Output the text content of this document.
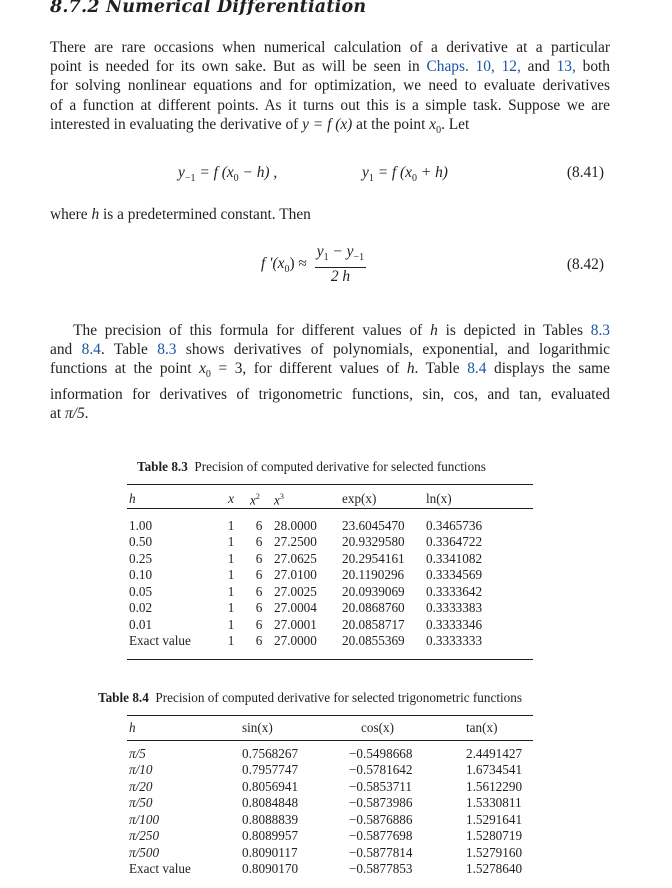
8.7.2 Numerical Differentiation
There are rare occasions when numerical calculation of a derivative at a particular
point is needed for its own sake. But as will be seen in Chaps. 10, 12, and 13, both
for solving nonlinear equations and for optimization, we need to evaluate derivatives
of a function at different points. As it turns out this is a simple task. Suppose we are
interested in evaluating the derivative of y = f (x) at the point $x_0$. Let
$y_{-1} = f$ $(x_0 - h)$ ,	$y_1 = f$ $(x_0 + h)$	(8.41)
where h is a predetermined constant. Then
f $'(x_0) \approx \frac{y_1 - y_{-1}}{2 h}$	(8.42)
  The precision of this formula for different values of h is depicted in Tables 8.3
and 8.4. Table 8.3 shows derivatives of polynomials, exponential, and logarithmic
functions at the point $x_0 = 3$, for different values of h. Table 8.4 displays the same
information for derivatives of trigonometric functions, sin, cos, and tan, evaluated
at π/5.
Table 8.3 Precision of computed derivative for selected functions
h	x	$x^2$	$x^3$	exp(x)	ln(x)
1.00	1	6	28.0000	23.6045470	0.3465736
0.50	1	6	27.2500	20.9329580	0.3364722
0.25	1	6	27.0625	20.2954161	0.3341082
0.10	1	6	27.0100	20.1190296	0.3334569
0.05	1	6	27.0025	20.0939069	0.3333642
0.02	1	6	27.0004	20.0868760	0.3333383
0.01	1	6	27.0001	20.0858717	0.3333346
Exact value	1	6	27.0000	20.0855369	0.3333333
Table 8.4 Precision of computed derivative for selected trigonometric functions
h	sin(x)	cos(x)	tan(x)
π/5	0.7568267	−0.5498668	2.4491427
π/10	0.7957747	−0.5781642	1.6734541
π/20	0.8056941	−0.5853711	1.5612290
π/50	0.8084848	−0.5873986	1.5330811
π/100	0.8088839	−0.5876886	1.5291641
π/250	0.8089957	−0.5877698	1.5280719
π/500	0.8090117	−0.5877814	1.5279160
Exact value	0.8090170	−0.5877853	1.5278640
